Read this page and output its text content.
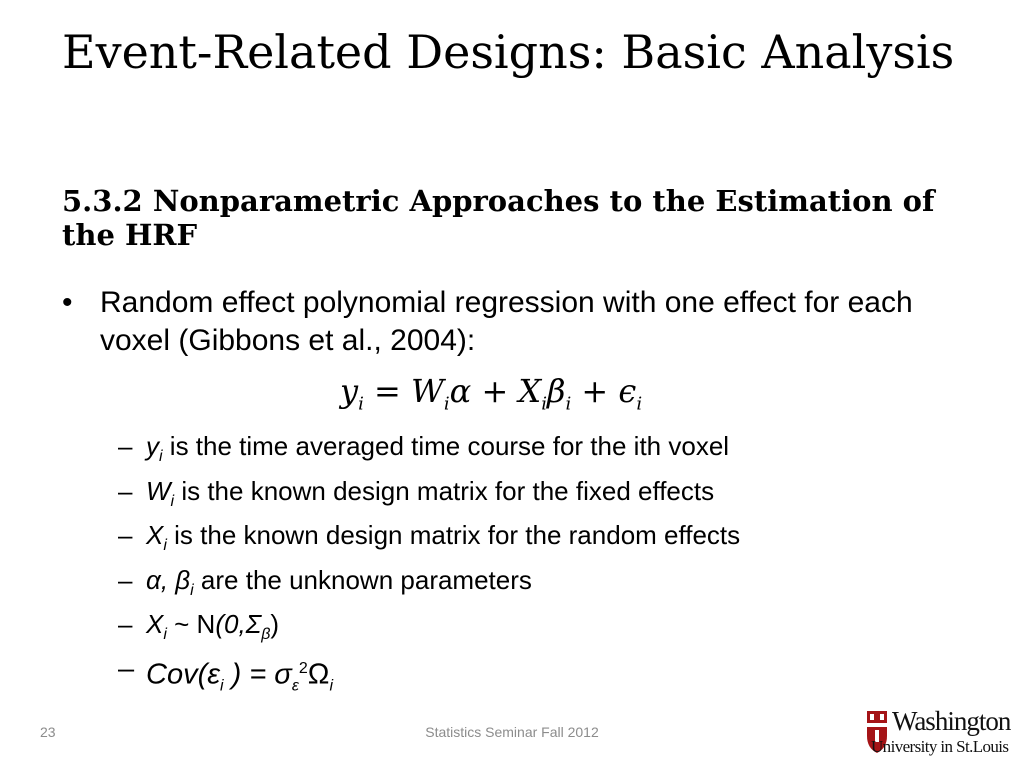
Event-Related Designs: Basic Analysis
5.3.2 Nonparametric Approaches to the Estimation of the HRF
• Random effect polynomial regression with one effect for each voxel (Gibbons et al., 2004):
$y_i = W_i\alpha + X_i\beta_i + \epsilon_i$
– $y_i$ is the time averaged time course for the ith voxel
– $W_i$ is the known design matrix for the fixed effects
– $X_i$ is the known design matrix for the random effects
– α, $\beta_i$ are the unknown parameters
– $X_i$ ~ $N(0,\Sigma_\beta)$
– $Cov(\varepsilon_i$ ) = $\sigma_\varepsilon^2\Omega_i$
23	Statistics Seminar Fall 2012	Washington
University in St.Louis
